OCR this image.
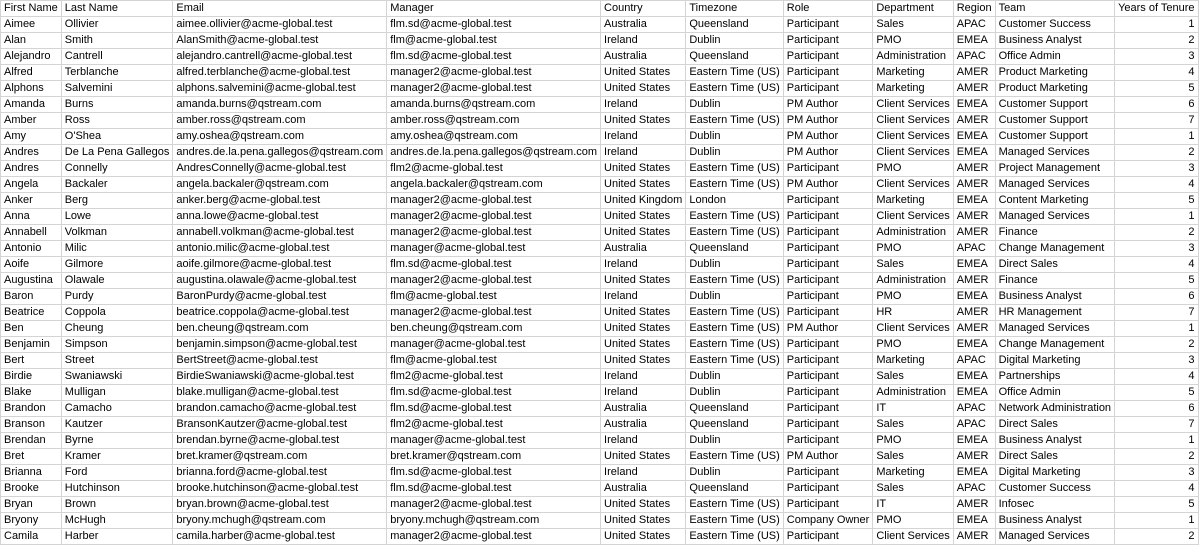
First Name	Last Name	Email	Manager	Country	Timezone	Role	Department	Region	Team	Years of Tenure
Aimee	Ollivier	aimee.ollivier@acme-global.test	flm.sd@acme-global.test	Australia	Queensland	Participant	Sales	APAC	Customer Success	1
Alan	Smith	AlanSmith@acme-global.test	flm@acme-global.test	Ireland	Dublin	Participant	PMO	EMEA	Business Analyst	2
Alejandro	Cantrell	alejandro.cantrell@acme-global.test	flm.sd@acme-global.test	Australia	Queensland	Participant	Administration	APAC	Office Admin	3
Alfred	Terblanche	alfred.terblanche@acme-global.test	manager2@acme-global.test	United States	Eastern Time (US)	Participant	Marketing	AMER	Product Marketing	4
Alphons	Salvemini	alphons.salvemini@acme-global.test	manager2@acme-global.test	United States	Eastern Time (US)	Participant	Marketing	AMER	Product Marketing	5
Amanda	Burns	amanda.burns@qstream.com	amanda.burns@qstream.com	Ireland	Dublin	PM Author	Client Services	EMEA	Customer Support	6
Amber	Ross	amber.ross@qstream.com	amber.ross@qstream.com	United States	Eastern Time (US)	PM Author	Client Services	AMER	Customer Support	7
Amy	O'Shea	amy.oshea@qstream.com	amy.oshea@qstream.com	Ireland	Dublin	PM Author	Client Services	EMEA	Customer Support	1
Andres	De La Pena Gallegos	andres.de.la.pena.gallegos@qstream.com	andres.de.la.pena.gallegos@qstream.com	Ireland	Dublin	PM Author	Client Services	EMEA	Managed Services	2
Andres	Connelly	AndresConnelly@acme-global.test	flm2@acme-global.test	United States	Eastern Time (US)	Participant	PMO	AMER	Project Management	3
Angela	Backaler	angela.backaler@qstream.com	angela.backaler@qstream.com	United States	Eastern Time (US)	PM Author	Client Services	AMER	Managed Services	4
Anker	Berg	anker.berg@acme-global.test	manager2@acme-global.test	United Kingdom	London	Participant	Marketing	EMEA	Content Marketing	5
Anna	Lowe	anna.lowe@acme-global.test	manager2@acme-global.test	United States	Eastern Time (US)	Participant	Client Services	AMER	Managed Services	1
Annabell	Volkman	annabell.volkman@acme-global.test	manager2@acme-global.test	United States	Eastern Time (US)	Participant	Administration	AMER	Finance	2
Antonio	Milic	antonio.milic@acme-global.test	manager@acme-global.test	Australia	Queensland	Participant	PMO	APAC	Change Management	3
Aoife	Gilmore	aoife.gilmore@acme-global.test	flm.sd@acme-global.test	Ireland	Dublin	Participant	Sales	EMEA	Direct Sales	4
Augustina	Olawale	augustina.olawale@acme-global.test	manager2@acme-global.test	United States	Eastern Time (US)	Participant	Administration	AMER	Finance	5
Baron	Purdy	BaronPurdy@acme-global.test	flm@acme-global.test	Ireland	Dublin	Participant	PMO	EMEA	Business Analyst	6
Beatrice	Coppola	beatrice.coppola@acme-global.test	manager2@acme-global.test	United States	Eastern Time (US)	Participant	HR	AMER	HR Management	7
Ben	Cheung	ben.cheung@qstream.com	ben.cheung@qstream.com	United States	Eastern Time (US)	PM Author	Client Services	AMER	Managed Services	1
Benjamin	Simpson	benjamin.simpson@acme-global.test	manager@acme-global.test	United States	Eastern Time (US)	Participant	PMO	EMEA	Change Management	2
Bert	Street	BertStreet@acme-global.test	flm@acme-global.test	United States	Eastern Time (US)	Participant	Marketing	APAC	Digital Marketing	3
Birdie	Swaniawski	BirdieSwaniawski@acme-global.test	flm2@acme-global.test	Ireland	Dublin	Participant	Sales	EMEA	Partnerships	4
Blake	Mulligan	blake.mulligan@acme-global.test	flm.sd@acme-global.test	Ireland	Dublin	Participant	Administration	EMEA	Office Admin	5
Brandon	Camacho	brandon.camacho@acme-global.test	flm.sd@acme-global.test	Australia	Queensland	Participant	IT	APAC	Network Administration	6
Branson	Kautzer	BransonKautzer@acme-global.test	flm2@acme-global.test	Australia	Queensland	Participant	Sales	APAC	Direct Sales	7
Brendan	Byrne	brendan.byrne@acme-global.test	manager@acme-global.test	Ireland	Dublin	Participant	PMO	EMEA	Business Analyst	1
Bret	Kramer	bret.kramer@qstream.com	bret.kramer@qstream.com	United States	Eastern Time (US)	PM Author	Sales	AMER	Direct Sales	2
Brianna	Ford	brianna.ford@acme-global.test	flm.sd@acme-global.test	Ireland	Dublin	Participant	Marketing	EMEA	Digital Marketing	3
Brooke	Hutchinson	brooke.hutchinson@acme-global.test	flm.sd@acme-global.test	Australia	Queensland	Participant	Sales	APAC	Customer Success	4
Bryan	Brown	bryan.brown@acme-global.test	manager2@acme-global.test	United States	Eastern Time (US)	Participant	IT	AMER	Infosec	5
Bryony	McHugh	bryony.mchugh@qstream.com	bryony.mchugh@qstream.com	United States	Eastern Time (US)	Company Owner	PMO	EMEA	Business Analyst	1
Camila	Harber	camila.harber@acme-global.test	manager2@acme-global.test	United States	Eastern Time (US)	Participant	Client Services	AMER	Managed Services	2
